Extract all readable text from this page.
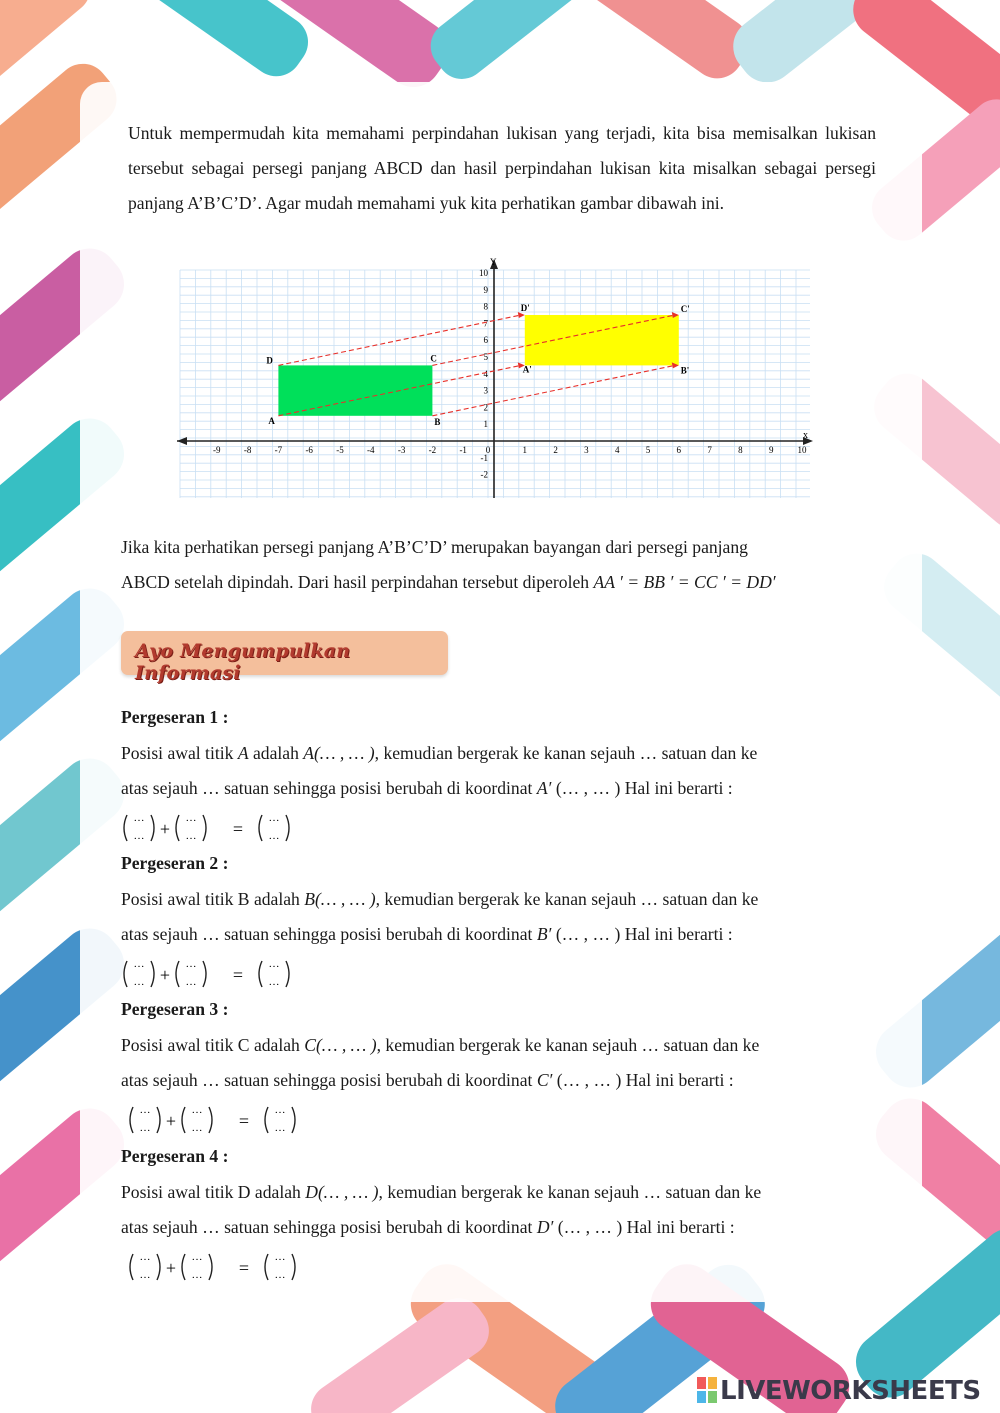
Untuk mempermudah kita memahami perpindahan lukisan yang terjadi, kita bisa memisalkan lukisan tersebut sebagai persegi panjang ABCD dan hasil perpindahan lukisan kita misalkan sebagai persegi panjang A’B’C’D’. Agar mudah memahami yuk kita perhatikan gambar dibawah ini.
x
Y
-9	-8	-7	-6	-5	-4	-3	-2	-1 0	1	2	3	4	5	6	7	8	9	10
10
9
8
7
6
5
4
3
2
1
-1
-2
A	B
C
D
A'	B'
C'
D'
Jika kita perhatikan persegi panjang A’B’C’D’ merupakan bayangan dari persegi panjang
ABCD setelah dipindah. Dari hasil perpindahan tersebut diperoleh AA ′ = BB ′ = CC ′ = DD′
Ayo Mengumpulkan Informasi
Pergeseran 1 :
Posisi awal titik A adalah A(… , … ), kemudian bergerak ke kanan sejauh … satuan dan ke
atas sejauh … satuan sehingga posisi berubah di koordinat A′ (… , … ) Hal ini berarti :
…
…
…
…
…
…
+	=
Pergeseran 2 :
Posisi awal titik B adalah B(… , … ), kemudian bergerak ke kanan sejauh … satuan dan ke
atas sejauh … satuan sehingga posisi berubah di koordinat B′ (… , … ) Hal ini berarti :
…
…
…
…
…
…
+	=
Pergeseran 3 :
Posisi awal titik C adalah C(… , … ), kemudian bergerak ke kanan sejauh … satuan dan ke
atas sejauh … satuan sehingga posisi berubah di koordinat C′ (… , … ) Hal ini berarti :
…
…
…
…
…
…
+	=
Pergeseran 4 :
Posisi awal titik D adalah D(… , … ), kemudian bergerak ke kanan sejauh … satuan dan ke
atas sejauh … satuan sehingga posisi berubah di koordinat D′ (… , … ) Hal ini berarti :
…
…
…
…
…
…
+	=
LIVEWORKSHEETS
